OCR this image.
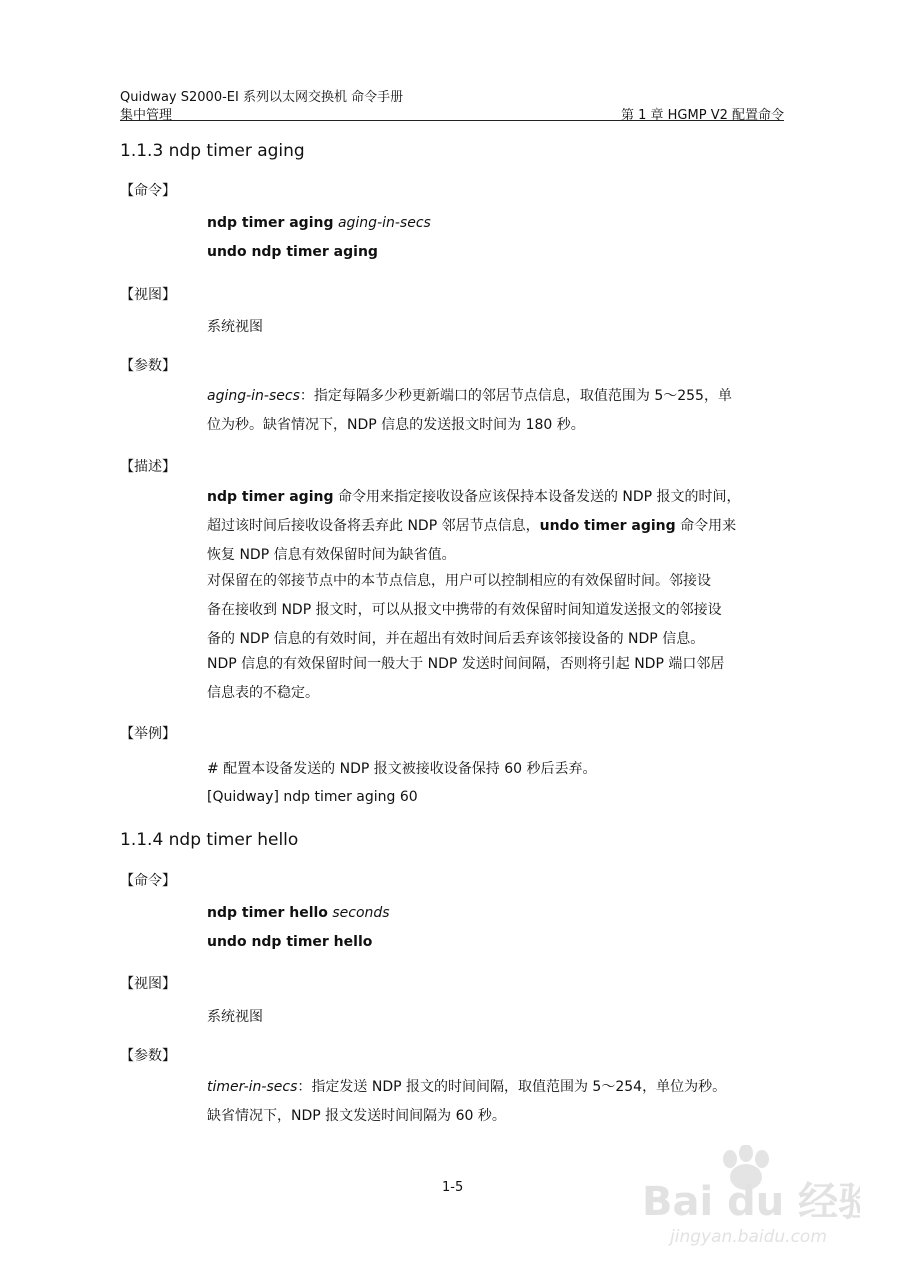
Quidway S2000-EI 系列以太网交换机 命令手册
集中管理	第 1 章 HGMP V2 配置命令
1.1.3 ndp timer aging
【命令】
ndp timer aging aging-in-secs
undo ndp timer aging
【视图】
系统视图
【参数】
aging-in-secs：指定每隔多少秒更新端口的邻居节点信息，取值范围为 5～255，单
位为秒。缺省情况下，NDP 信息的发送报文时间为 180 秒。
【描述】
ndp timer aging 命令用来指定接收设备应该保持本设备发送的 NDP 报文的时间，
超过该时间后接收设备将丢弃此 NDP 邻居节点信息，undo timer aging 命令用来
恢复 NDP 信息有效保留时间为缺省值。
对保留在的邻接节点中的本节点信息，用户可以控制相应的有效保留时间。邻接设
备在接收到 NDP 报文时，可以从报文中携带的有效保留时间知道发送报文的邻接设
备的 NDP 信息的有效时间，并在超出有效时间后丢弃该邻接设备的 NDP 信息。
NDP 信息的有效保留时间一般大于 NDP 发送时间间隔，否则将引起 NDP 端口邻居
信息表的不稳定。
【举例】
# 配置本设备发送的 NDP 报文被接收设备保持 60 秒后丢弃。
[Quidway] ndp timer aging 60
1.1.4 ndp timer hello
【命令】
ndp timer hello seconds
undo ndp timer hello
【视图】
系统视图
【参数】
timer-in-secs：指定发送 NDP 报文的时间间隔，取值范围为 5～254，单位为秒。
缺省情况下，NDP 报文发送时间间隔为 60 秒。
1-5	Bai du 经验
jingyan.baidu.com
